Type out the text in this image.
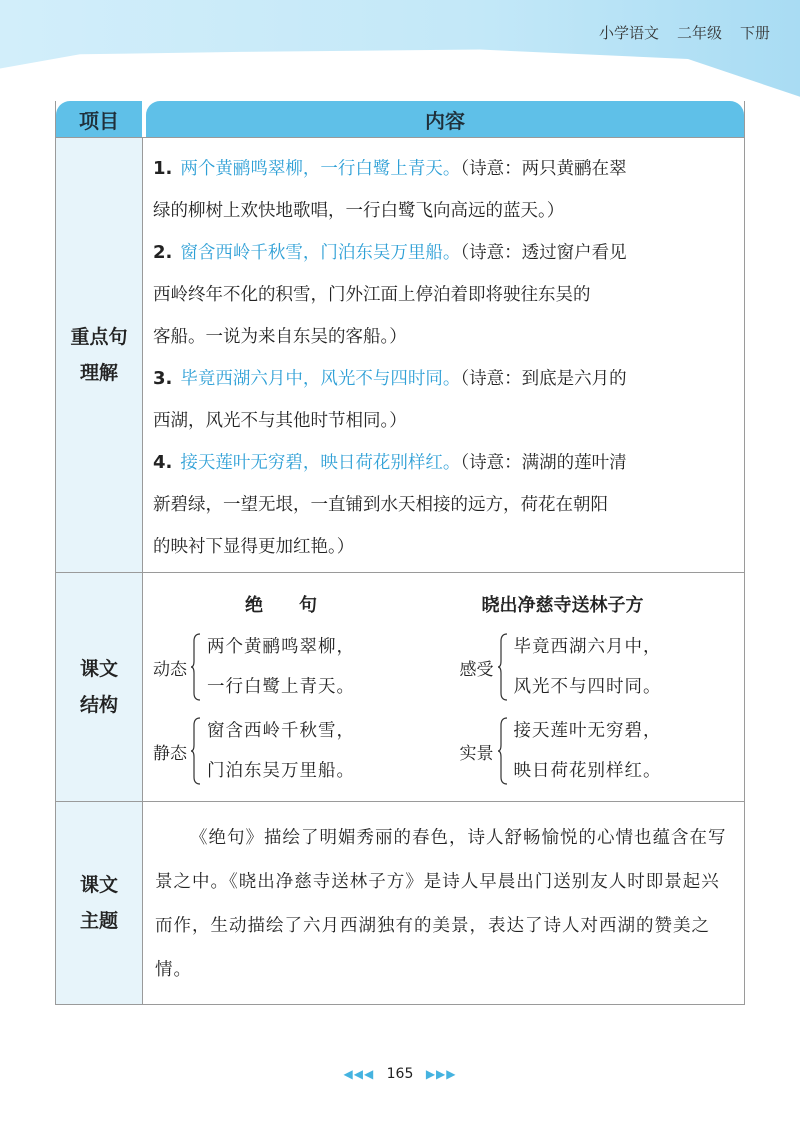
小学语文 二年级 下册
项目	内容
重点句
理解
1. 两个黄鹂鸣翠柳，一行白鹭上青天。（诗意：两只黄鹂在翠
绿的柳树上欢快地歌唱，一行白鹭飞向高远的蓝天。）
2. 窗含西岭千秋雪，门泊东吴万里船。（诗意：透过窗户看见
西岭终年不化的积雪，门外江面上停泊着即将驶往东吴的
客船。一说为来自东吴的客船。）
3. 毕竟西湖六月中，风光不与四时同。（诗意：到底是六月的
西湖，风光不与其他时节相同。）
4. 接天莲叶无穷碧，映日荷花别样红。（诗意：满湖的莲叶清
新碧绿，一望无垠，一直铺到水天相接的远方，荷花在朝阳
的映衬下显得更加红艳。）
课文
结构
绝　　句
动态
两个黄鹂鸣翠柳，
一行白鹭上青天。
静态
窗含西岭千秋雪，
门泊东吴万里船。
晓出净慈寺送林子方
感受
毕竟西湖六月中，
风光不与四时同。
实景
接天莲叶无穷碧，
映日荷花别样红。
课文
主题

《绝句》描绘了明媚秀丽的春色，诗人舒畅愉悦的心情也蕴含在写景之中。《晓出净慈寺送林子方》是诗人早晨出门送别友人时即景起兴而作，生动描绘了六月西湖独有的美景，表达了诗人对西湖的赞美之情。

◀◀◀ 165 ▶▶▶
